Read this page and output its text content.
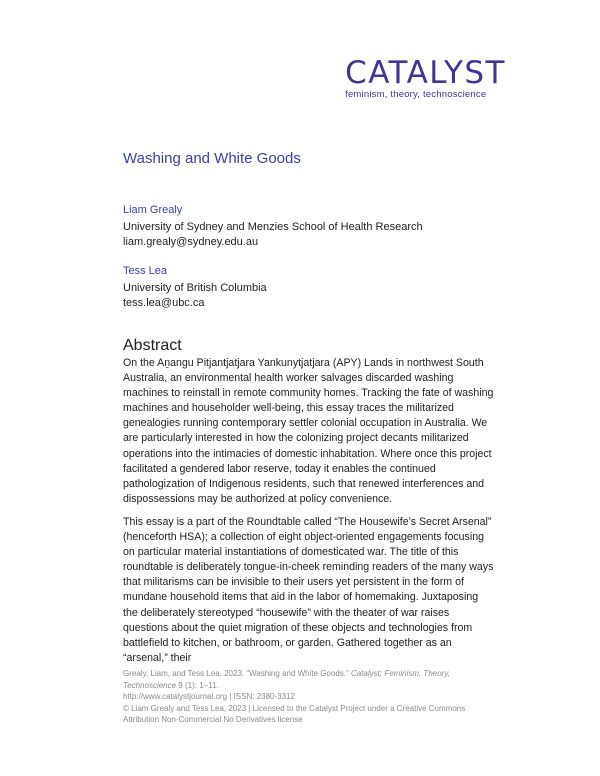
CATALYST
feminism, theory, technoscience
Washing and White Goods
Liam Grealy
University of Sydney and Menzies School of Health Research
liam.grealy@sydney.edu.au
Tess Lea
University of British Columbia
tess.lea@ubc.ca
Abstract

On the Aṉangu Pitjantjatjara Yankunytjatjara (APY) Lands in northwest South Australia, an environmental health worker salvages discarded washing machines to reinstall in remote community homes. Tracking the fate of washing machines and householder well-being, this essay traces the militarized genealogies running contemporary settler colonial occupation in Australia. We are particularly interested in how the colonizing project decants militarized operations into the intimacies of domestic inhabitation. Where once this project facilitated a gendered labor reserve, today it enables the continued pathologization of Indigenous residents, such that renewed interferences and dispossessions may be authorized at policy convenience.

This essay is a part of the Roundtable called “The Housewife’s Secret Arsenal” (henceforth HSA); a collection of eight object-oriented engagements focusing on particular material instantiations of domesticated war. The title of this roundtable is deliberately tongue-in-cheek reminding readers of the many ways that militarisms can be invisible to their users yet persistent in the form of mundane household items that aid in the labor of homemaking. Juxtaposing the deliberately stereotyped “housewife” with the theater of war raises questions about the quiet migration of these objects and technologies from battlefield to kitchen, or bathroom, or garden. Gathered together as an “arsenal,” their

Grealy, Liam, and Tess Lea. 2023. “Washing and White Goods.” Catalyst: Feminism, Theory, Technoscience 9 (1): 1–11.
http://www.catalystjournal.org | ISSN: 2380-3312
© Liam Grealy and Tess Lea, 2023 | Licensed to the Catalyst Project under a Creative Commons Attribution Non-Commercial No Derivatives license
